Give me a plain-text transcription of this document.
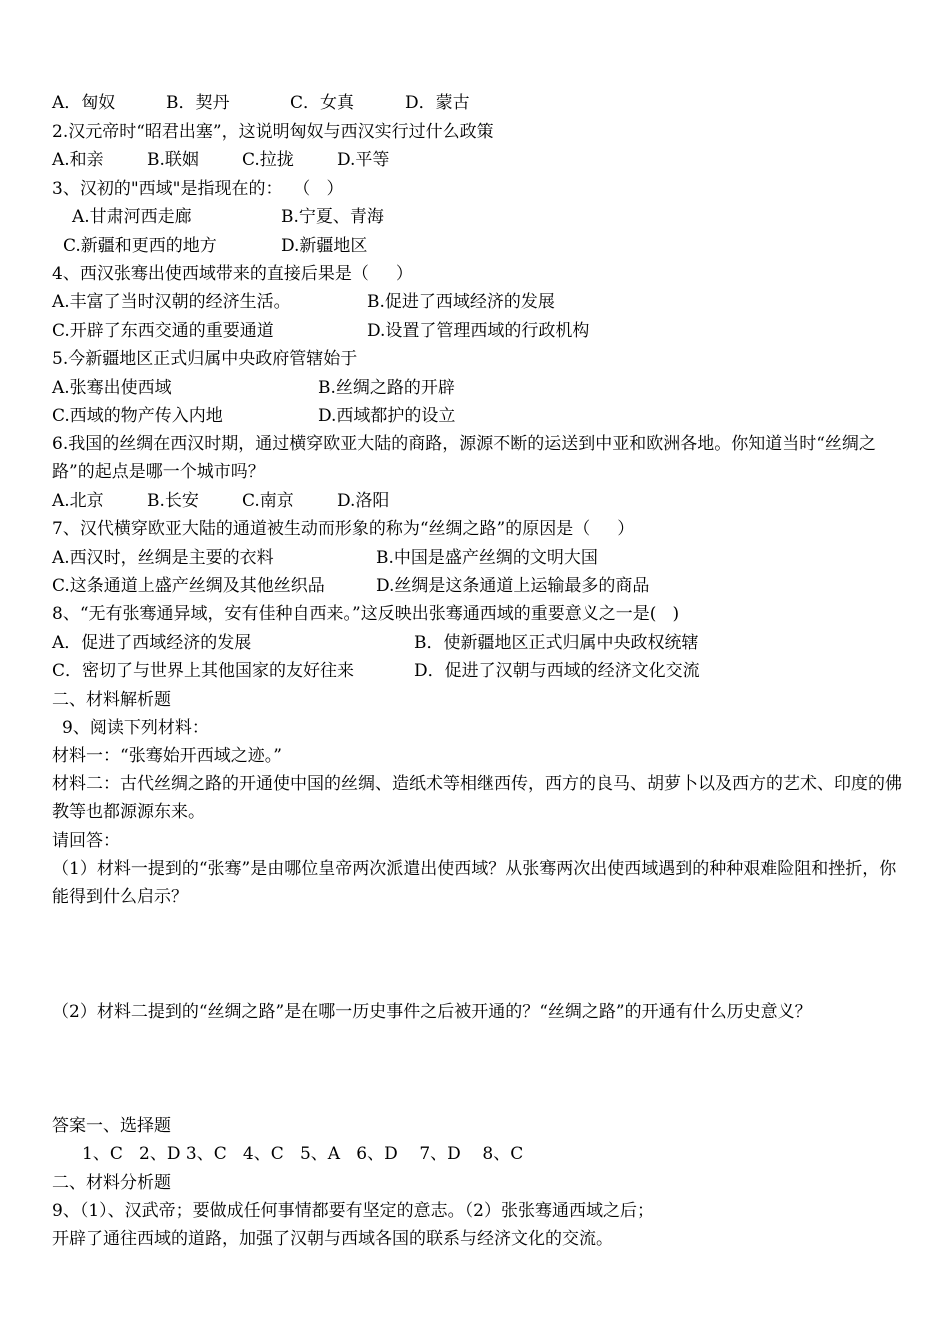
A．匈奴	B．契丹	C．女真	D．蒙古
2.汉元帝时“昭君出塞”，这说明匈奴与西汉实行过什么政策
A.和亲	B.联姻	C.拉拢	D.平等
3、汉初的"西域"是指现在的：  （   ）
A.甘肃河西走廊	B.宁夏、青海
C.新疆和更西的地方	D.新疆地区
4、西汉张骞出使西域带来的直接后果是（     ）
A.丰富了当时汉朝的经济生活。	B.促进了西域经济的发展
C.开辟了东西交通的重要通道	D.设置了管理西域的行政机构
5.今新疆地区正式归属中央政府管辖始于
A.张骞出使西域	B.丝绸之路的开辟
C.西域的物产传入内地	D.西域都护的设立
6.我国的丝绸在西汉时期，通过横穿欧亚大陆的商路，源源不断的运送到中亚和欧洲各地。你知道当时“丝绸之路”的起点是哪一个城市吗？
A.北京	B.长安	C.南京	D.洛阳
7、汉代横穿欧亚大陆的通道被生动而形象的称为“丝绸之路”的原因是（     ）
A.西汉时，丝绸是主要的衣料	B.中国是盛产丝绸的文明大国
C.这条通道上盛产丝绸及其他丝织品	D.丝绸是这条通道上运输最多的商品
8、“无有张骞通异域，安有佳种自西来。”这反映出张骞通西域的重要意义之一是(   )
A．促进了西域经济的发展	B．使新疆地区正式归属中央政权统辖
C．密切了与世界上其他国家的友好往来	D．促进了汉朝与西域的经济文化交流
二、材料解析题
9、阅读下列材料：
材料一：“张骞始开西域之迹。”
材料二：古代丝绸之路的开通使中国的丝绸、造纸术等相继西传，西方的良马、胡萝卜以及西方的艺术、印度的佛教等也都源源东来。
请回答：
（1）材料一提到的“张骞”是由哪位皇帝两次派遣出使西域？从张骞两次出使西域遇到的种种艰难险阻和挫折，你能得到什么启示？
（2）材料二提到的“丝绸之路”是在哪一历史事件之后被开通的？“丝绸之路”的开通有什么历史意义？
答案一、选择题
1、C   2、D 3、C   4、C   5、A   6、D    7、D    8、C
二、材料分析题
9、（1）、汉武帝；要做成任何事情都要有坚定的意志。（2）张张骞通西域之后；
开辟了通往西域的道路，加强了汉朝与西域各国的联系与经济文化的交流。
